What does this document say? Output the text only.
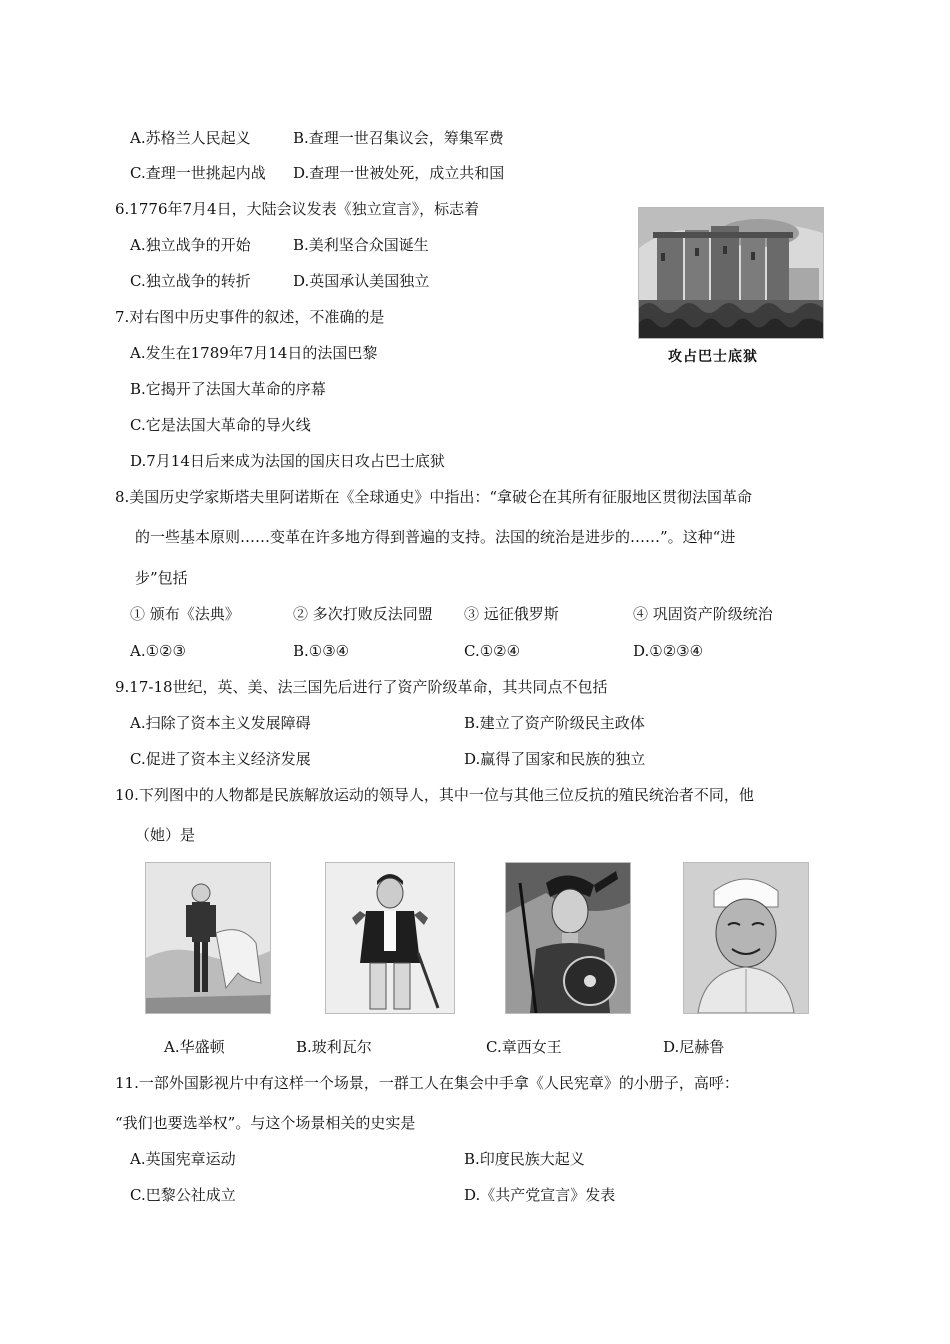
A.苏格兰人民起义	B.查理一世召集议会，筹集军费
C.查理一世挑起内战 D.查理一世被处死，成立共和国
6.1776年7月4日，大陆会议发表《独立宣言》，标志着
A.独立战争的开始	B.美利坚合众国诞生
C.独立战争的转折	D.英国承认美国独立
攻占巴士底狱
7.对右图中历史事件的叙述，不准确的是
A.发生在1789年7月14日的法国巴黎
B.它揭开了法国大革命的序幕
C.它是法国大革命的导火线
D.7月14日后来成为法国的国庆日攻占巴士底狱
8.美国历史学家斯塔夫里阿诺斯在《全球通史》中指出：“拿破仑在其所有征服地区贯彻法国革命
的一些基本原则……变革在许多地方得到普遍的支持。法国的统治是进步的……”。这种“进
步”包括
① 颁布《法典》	② 多次打败反法同盟 ③ 远征俄罗斯	④ 巩固资产阶级统治
A.①②③	B.①③④	C.①②④	D.①②③④
9.17-18世纪，英、美、法三国先后进行了资产阶级革命，其共同点不包括
A.扫除了资本主义发展障碍	B.建立了资产阶级民主政体
C.促进了资本主义经济发展	D.赢得了国家和民族的独立
10.下列图中的人物都是民族解放运动的领导人，其中一位与其他三位反抗的殖民统治者不同，他
（她）是
A.华盛顿	B.玻利瓦尔	C.章西女王	D.尼赫鲁
11.一部外国影视片中有这样一个场景，一群工人在集会中手拿《人民宪章》的小册子，高呼：
“我们也要选举权”。与这个场景相关的史实是
A.英国宪章运动	B.印度民族大起义
C.巴黎公社成立	D.《共产党宣言》发表
